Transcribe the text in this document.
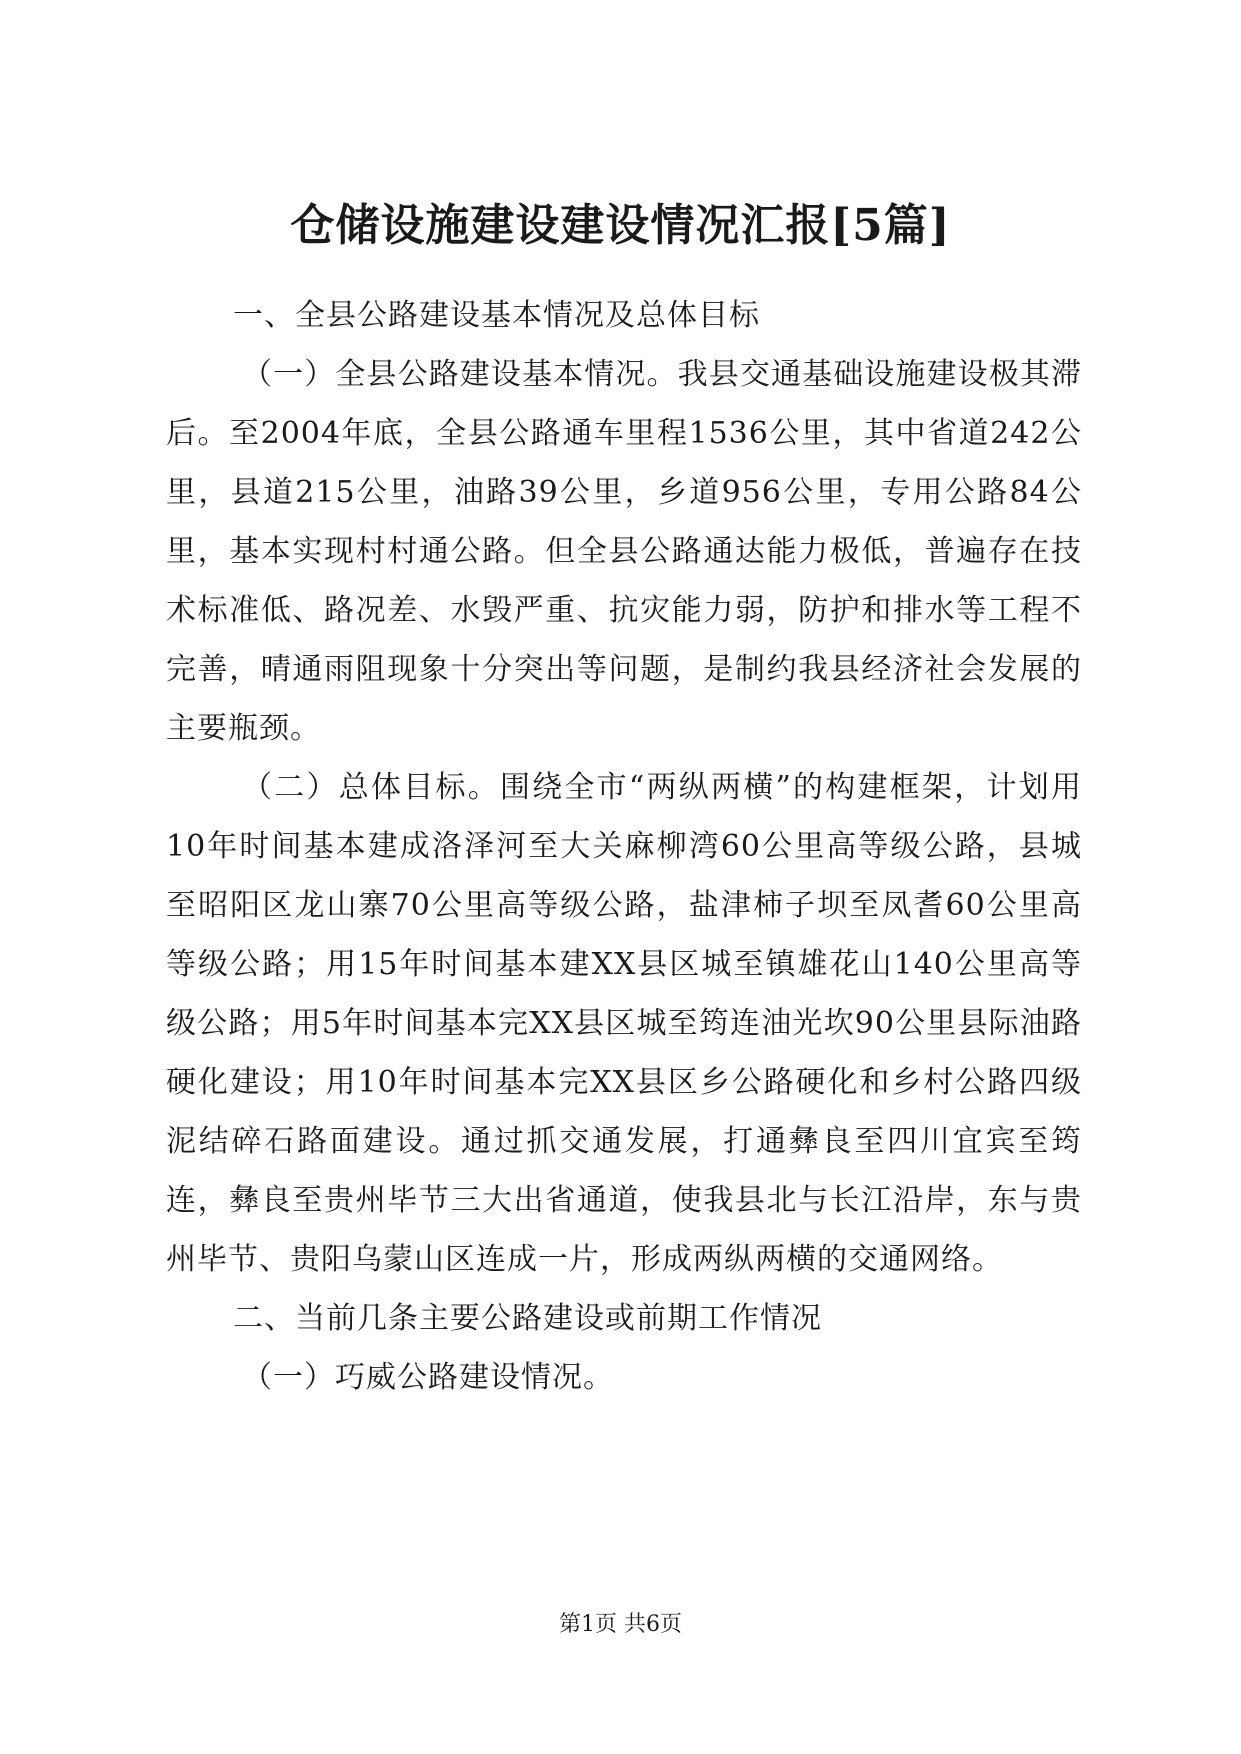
仓储设施建设建设情况汇报[5篇]

一、全县公路建设基本情况及总体目标

（一）全县公路建设基本情况。我县交通基础设施建设极其滞后。至2004年底，全县公路通车里程1536公里，其中省道242公里，县道215公里，油路39公里，乡道956公里，专用公路84公里，基本实现村村通公路。但全县公路通达能力极低，普遍存在技术标准低、路况差、水毁严重、抗灾能力弱，防护和排水等工程不完善，晴通雨阻现象十分突出等问题，是制约我县经济社会发展的主要瓶颈。

（二）总体目标。围绕全市“两纵两横”的构建框架，计划用10年时间基本建成洛泽河至大关麻柳湾60公里高等级公路，县城至昭阳区龙山寨70公里高等级公路，盐津柿子坝至凤耆60公里高等级公路；用15年时间基本建XX县区城至镇雄花山140公里高等级公路；用5年时间基本完XX县区城至筠连油光坎90公里县际油路硬化建设；用10年时间基本完XX县区乡公路硬化和乡村公路四级泥结碎石路面建设。通过抓交通发展，打通彝良至四川宜宾至筠连，彝良至贵州毕节三大出省通道，使我县北与长江沿岸，东与贵州毕节、贵阳乌蒙山区连成一片，形成两纵两横的交通网络。

二、当前几条主要公路建设或前期工作情况

（一）巧威公路建设情况。

第1页 共6页
